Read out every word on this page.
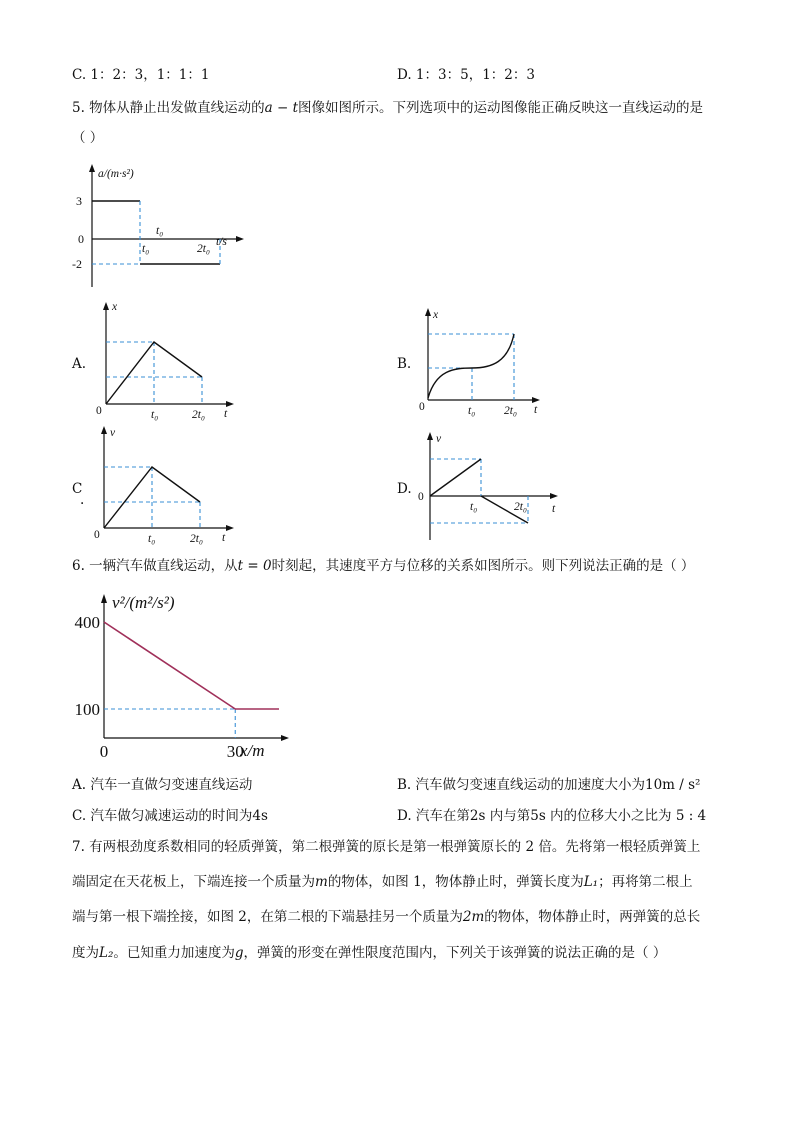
C. 1：2：3，1：1：1	D. 1：3：5，1：2：3
5. 物体从静止出发做直线运动的a − t图像如图所示。下列选项中的运动图像能正确反映这一直线运动的是
（ ）
a/(m·s²)
3
0
-2
t₀
t₀	2t₀
t/s
A.
x
0	t₀	2t₀ t
B.
x
0	t₀	2t₀ t
C
.
v
0	t₀	2t₀ t
D.
v
0
t₀	2t₀ t
6. 一辆汽车做直线运动，从t = 0时刻起，其速度平方与位移的关系如图所示。则下列说法正确的是（ ）
v²/(m²/s²)
x/m
400
100
0	30
A. 汽车一直做匀变速直线运动	B. 汽车做匀变速直线运动的加速度大小为10m / s²
C. 汽车做匀减速运动的时间为4s	D. 汽车在第2s 内与第5s 内的位移大小之比为 5 : 4
7. 有两根劲度系数相同的轻质弹簧，第二根弹簧的原长是第一根弹簧原长的 2 倍。先将第一根轻质弹簧上
端固定在天花板上，下端连接一个质量为m的物体，如图 1，物体静止时，弹簧长度为L₁；再将第二根上
端与第一根下端拴接，如图 2，在第二根的下端悬挂另一个质量为2m的物体，物体静止时，两弹簧的总长
度为L₂。已知重力加速度为g，弹簧的形变在弹性限度范围内，下列关于该弹簧的说法正确的是（ ）
